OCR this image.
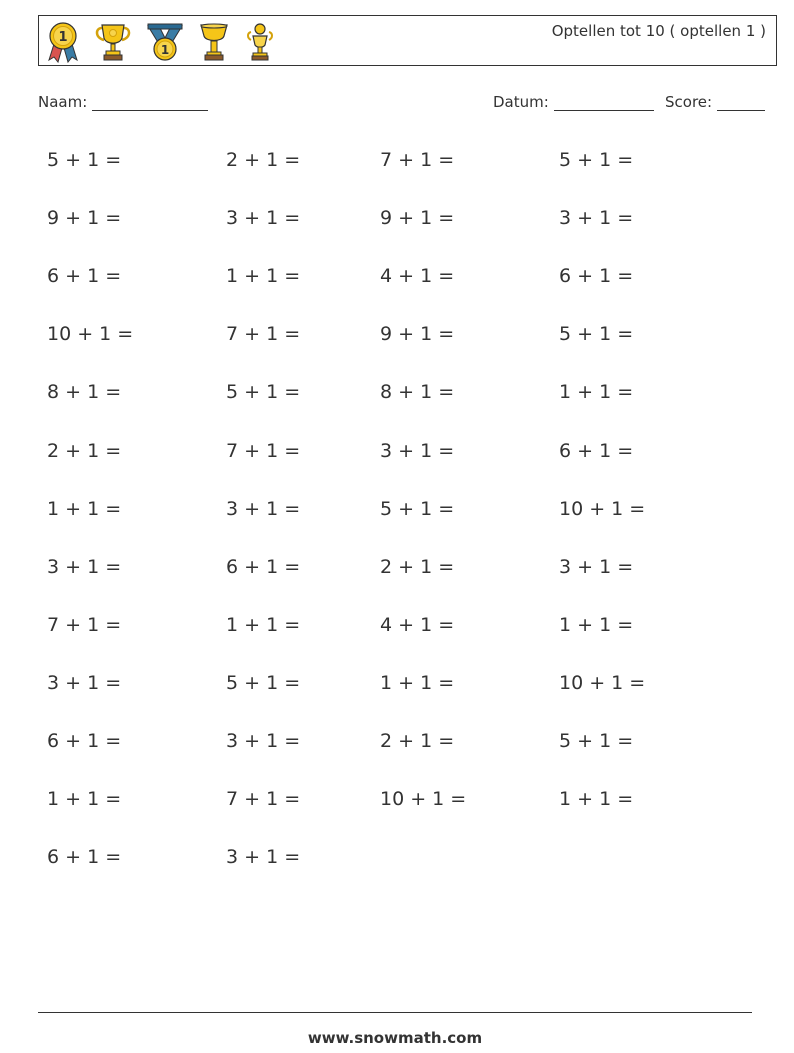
1
1
Optellen tot 10 ( optellen 1 )
Naam:	Datum:	Score:
5 + 1 =	2 + 1 =	7 + 1 =	5 + 1 =
9 + 1 =	3 + 1 =	9 + 1 =	3 + 1 =
6 + 1 =	1 + 1 =	4 + 1 =	6 + 1 =
10 + 1 =	7 + 1 =	9 + 1 =	5 + 1 =
8 + 1 =	5 + 1 =	8 + 1 =	1 + 1 =
2 + 1 =	7 + 1 =	3 + 1 =	6 + 1 =
1 + 1 =	3 + 1 =	5 + 1 =	10 + 1 =
3 + 1 =	6 + 1 =	2 + 1 =	3 + 1 =
7 + 1 =	1 + 1 =	4 + 1 =	1 + 1 =
3 + 1 =	5 + 1 =	1 + 1 =	10 + 1 =
6 + 1 =	3 + 1 =	2 + 1 =	5 + 1 =
1 + 1 =	7 + 1 =	10 + 1 =	1 + 1 =
6 + 1 =	3 + 1 =
www.snowmath.com
